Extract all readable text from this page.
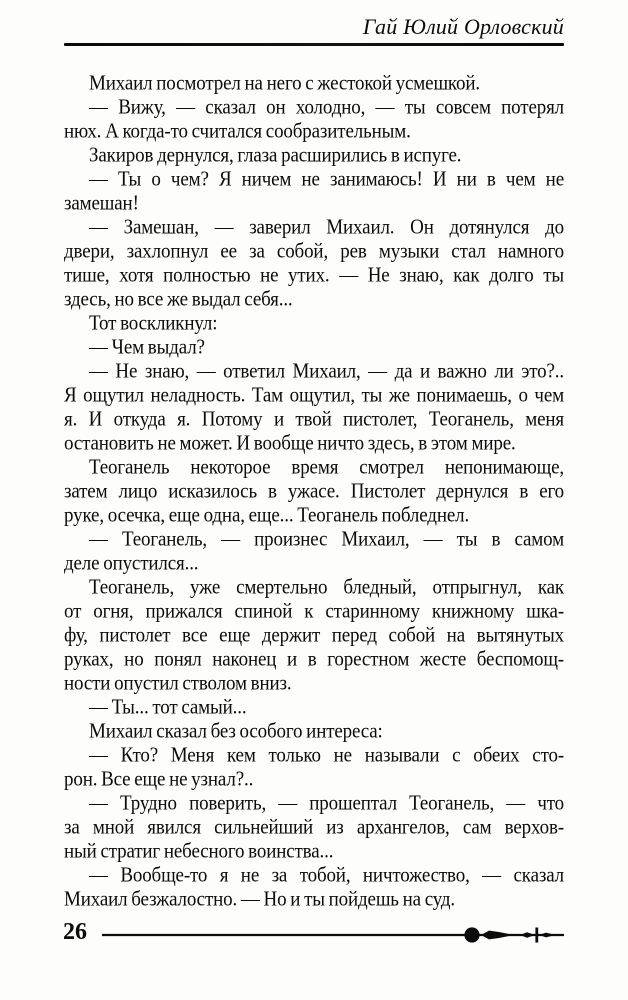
Гай Юлий Орловский
Михаил посмотрел на него с жестокой усмешкой.
— Вижу, — сказал он холодно, — ты совсем потерял
нюх. А когда-то считался сообразительным.
Закиров дернулся, глаза расширились в испуге.
— Ты о чем? Я ничем не занимаюсь! И ни в чем не
замешан!
— Замешан, — заверил Михаил. Он дотянулся до
двери, захлопнул ее за собой, рев музыки стал намного
тише, хотя полностью не утих. — Не знаю, как долго ты
здесь, но все же выдал себя...
Тот воскликнул:
— Чем выдал?
— Не знаю, — ответил Михаил, — да и важно ли это?..
Я ощутил неладность. Там ощутил, ты же понимаешь, о чем
я. И откуда я. Потому и твой пистолет, Теоганель, меня
остановить не может. И вообще ничто здесь, в этом мире.
Теоганель некоторое время смотрел непонимающе,
затем лицо исказилось в ужасе. Пистолет дернулся в его
руке, осечка, еще одна, еще... Теоганель побледнел.
— Теоганель, — произнес Михаил, — ты в самом
деле опустился...
Теоганель, уже смертельно бледный, отпрыгнул, как
от огня, прижался спиной к старинному книжному шка-
фу, пистолет все еще держит перед собой на вытянутых
руках, но понял наконец и в горестном жесте беспомощ-
ности опустил стволом вниз.
— Ты... тот самый...
Михаил сказал без особого интереса:
— Кто? Меня кем только не называли с обеих сто-
рон. Все еще не узнал?..
— Трудно поверить, — прошептал Теоганель, — что
за мной явился сильнейший из архангелов, сам верхов-
ный стратиг небесного воинства...
— Вообще-то я не за тобой, ничтожество, — сказал
Михаил безжалостно. — Но и ты пойдешь на суд.
26
